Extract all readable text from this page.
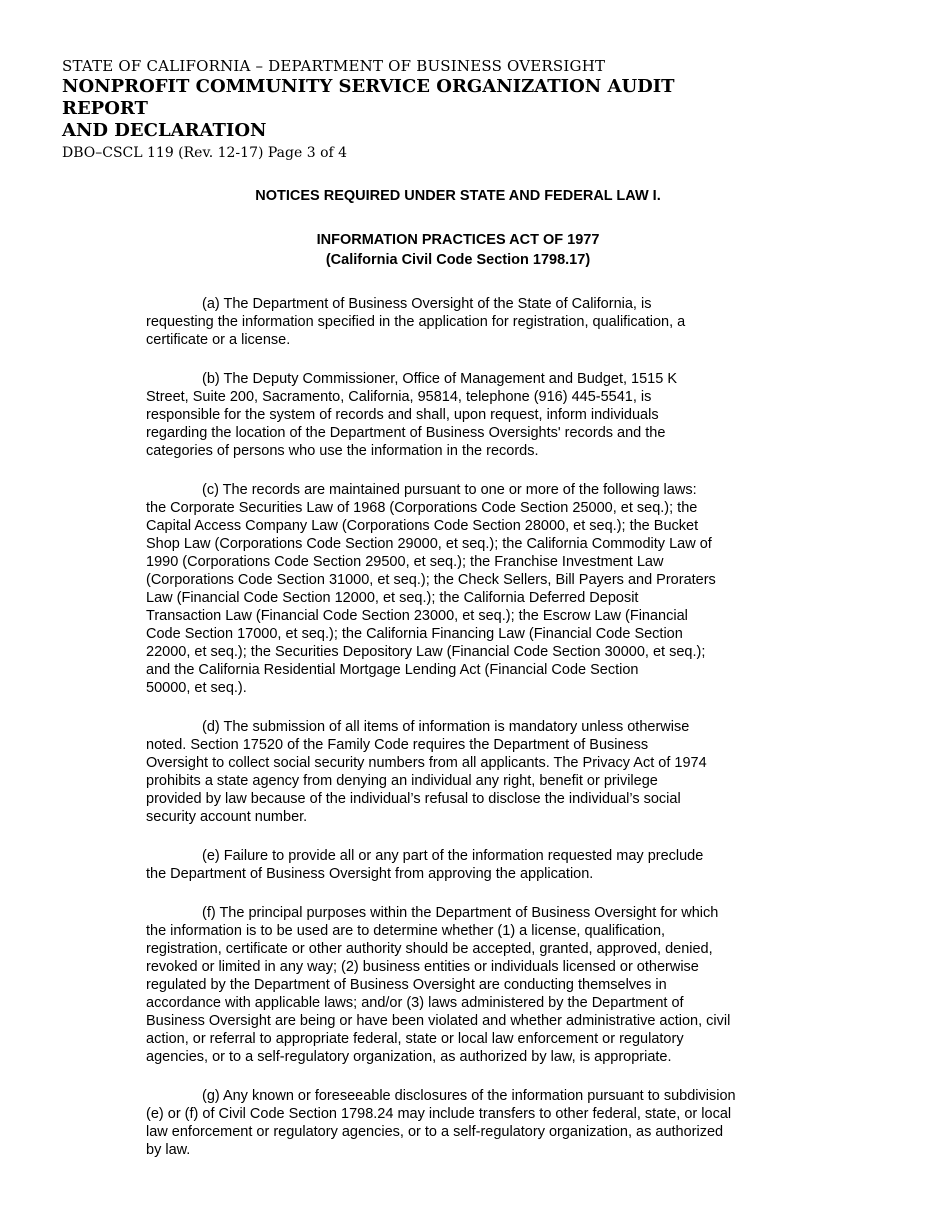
STATE OF CALIFORNIA – DEPARTMENT OF BUSINESS OVERSIGHT
NONPROFIT COMMUNITY SERVICE ORGANIZATION AUDIT REPORT
AND DECLARATION
DBO–CSCL 119 (Rev. 12-17) Page 3 of 4
NOTICES REQUIRED UNDER STATE AND FEDERAL LAW I.
INFORMATION PRACTICES ACT OF 1977
(California Civil Code Section 1798.17)

(a) The Department of Business Oversight of the State of California, is
requesting the information specified in the application for registration, qualification, a
certificate or a license.

(b) The Deputy Commissioner, Office of Management and Budget, 1515 K
Street, Suite 200, Sacramento, California, 95814, telephone (916) 445-5541, is
responsible for the system of records and shall, upon request, inform individuals
regarding the location of the Department of Business Oversights' records and the
categories of persons who use the information in the records.

(c) The records are maintained pursuant to one or more of the following laws:
the Corporate Securities Law of 1968 (Corporations Code Section 25000, et seq.); the
Capital Access Company Law (Corporations Code Section 28000, et seq.); the Bucket
Shop Law (Corporations Code Section 29000, et seq.); the California Commodity Law of
1990 (Corporations Code Section 29500, et seq.); the Franchise Investment Law
(Corporations Code Section 31000, et seq.); the Check Sellers, Bill Payers and Proraters
Law (Financial Code Section 12000, et seq.); the California Deferred Deposit
Transaction Law (Financial Code Section 23000, et seq.); the Escrow Law (Financial
Code Section 17000, et seq.); the California Financing Law (Financial Code Section
22000, et seq.); the Securities Depository Law (Financial Code Section 30000, et seq.);
and the California Residential Mortgage Lending Act (Financial Code Section
50000, et seq.).

(d) The submission of all items of information is mandatory unless otherwise
noted. Section 17520 of the Family Code requires the Department of Business
Oversight to collect social security numbers from all applicants. The Privacy Act of 1974
prohibits a state agency from denying an individual any right, benefit or privilege
provided by law because of the individual’s refusal to disclose the individual’s social
security account number.

(e) Failure to provide all or any part of the information requested may preclude
the Department of Business Oversight from approving the application.

(f) The principal purposes within the Department of Business Oversight for which
the information is to be used are to determine whether (1) a license, qualification,
registration, certificate or other authority should be accepted, granted, approved, denied,
revoked or limited in any way; (2) business entities or individuals licensed or otherwise
regulated by the Department of Business Oversight are conducting themselves in
accordance with applicable laws; and/or (3) laws administered by the Department of
Business Oversight are being or have been violated and whether administrative action, civil
action, or referral to appropriate federal, state or local law enforcement or regulatory
agencies, or to a self-regulatory organization, as authorized by law, is appropriate.

(g) Any known or foreseeable disclosures of the information pursuant to subdivision
(e) or (f) of Civil Code Section 1798.24 may include transfers to other federal, state, or local
law enforcement or regulatory agencies, or to a self-regulatory organization, as authorized
by law.
